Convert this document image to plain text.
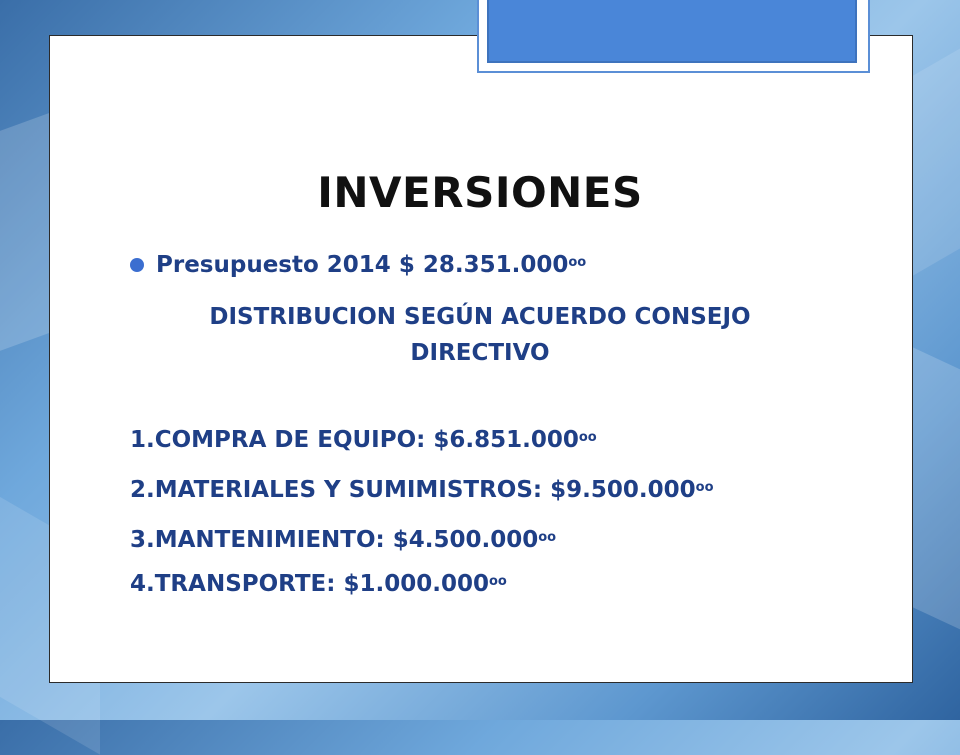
INVERSIONES
Presupuesto 2014 $ $28.351.000^{oo}$
DISTRIBUCION SEGÚN ACUERDO CONSEJO
DIRECTIVO
1.COMPRA DE EQUIPO: $\$6.851.000^{oo}$
2.MATERIALES Y SUMIMISTROS: $\$9.500.000^{oo}$
3.MANTENIMIENTO: $\$4.500.000^{oo}$
4.TRANSPORTE: $\$1.000.000^{oo}$
